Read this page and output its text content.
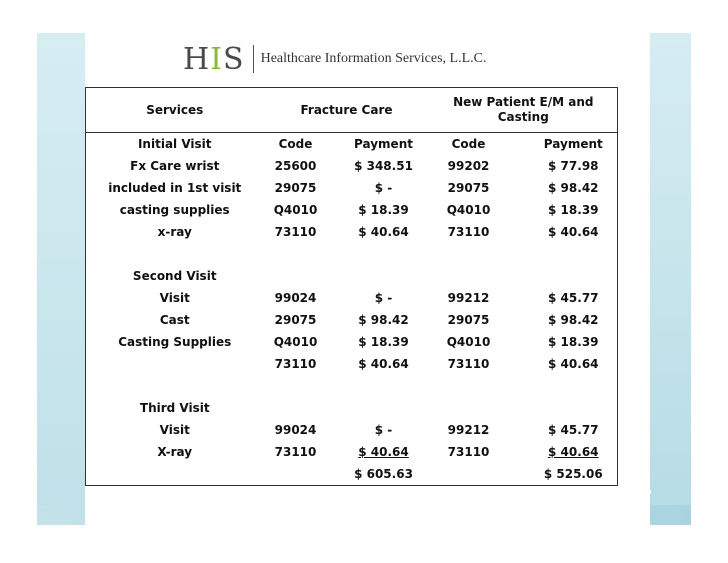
HIS Healthcare Information Services, L.L.C.
Services	Fracture Care		New Patient E/M and
Casting	
Initial Visit	Code	Payment	Code	Payment
Fx Care wrist	25600	$ 348.51	99202	$ 77.98
included in 1st visit	29075	$ -	29075	$ 98.42
casting supplies	Q4010	$ 18.39	Q4010	$ 18.39
x-ray	73110	$ 40.64	73110	$ 40.64

Second Visit				
Visit	99024	$ -	99212	$ 45.77
Cast	29075	$ 98.42	29075	$ 98.42
Casting Supplies	Q4010	$ 18.39	Q4010	$ 18.39
	73110	$ 40.64	73110	$ 40.64

Third Visit				
Visit	99024	$ -	99212	$ 45.77
X-ray	73110	$ 40.64	73110	$ 40.64
		$ 605.63		$ 525.06
37
